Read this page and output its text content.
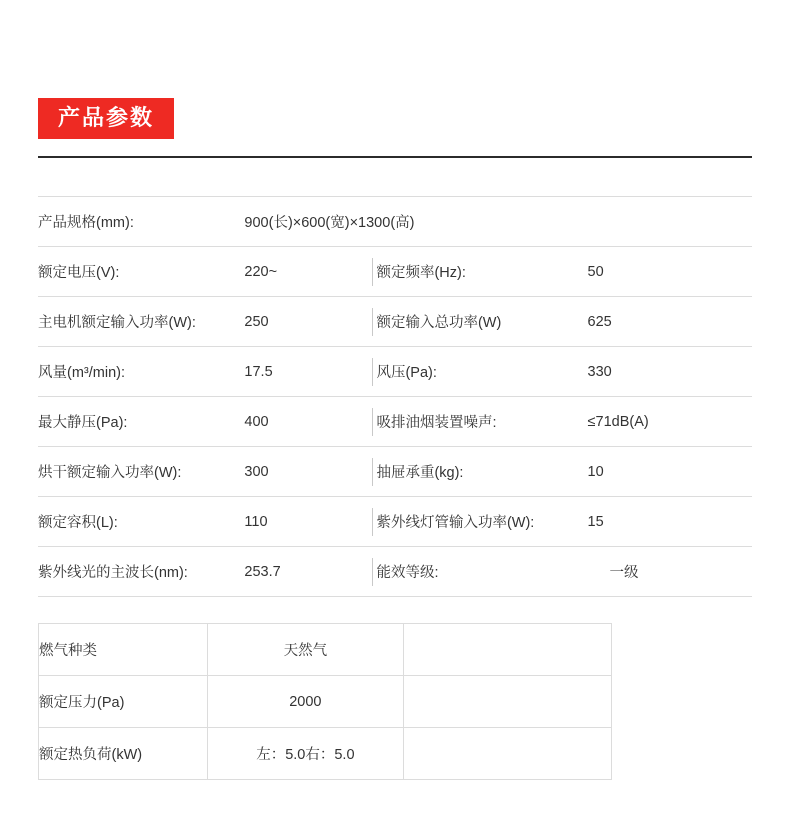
产品参数
产品规格(mm):	900(长)×600(宽)×1300(高)			
额定电压(V):	220~		额定频率(Hz):	50
主电机额定输入功率(W):	250		额定输入总功率(W)	625
风量(m³/min):	17.5		风压(Pa):	330
最大静压(Pa):	400		吸排油烟装置噪声:	≤71dB(A)
烘干额定输入功率(W):	300		抽屉承重(kg):	10
额定容积(L):	110		紫外线灯管输入功率(W):	15
紫外线光的主波长(nm):	253.7		能效等级:	一级
燃气种类	天然气	
额定压力(Pa)	2000	
额定热负荷(kW)	左：5.0右：5.0	
